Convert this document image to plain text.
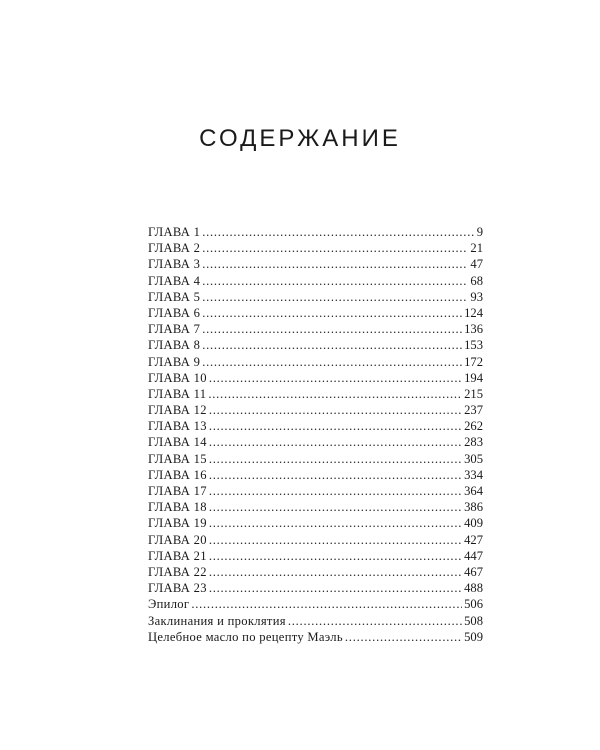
СОДЕРЖАНИЕ
ГЛАВА 1 . . .	9
ГЛАВА 2 . . .	21
ГЛАВА 3 . . .	47
ГЛАВА 4 . . .	68
ГЛАВА 5 . . .	93
ГЛАВА 6 . . .	124
ГЛАВА 7 . . .	136
ГЛАВА 8 . . .	153
ГЛАВА 9 . . .	172
ГЛАВА 10 . . .	194
ГЛАВА 11 . . .	215
ГЛАВА 12 . . .	237
ГЛАВА 13 . . .	262
ГЛАВА 14 . . .	283
ГЛАВА 15 . . .	305
ГЛАВА 16 . . .	334
ГЛАВА 17 . . .	364
ГЛАВА 18 . . .	386
ГЛАВА 19 . . .	409
ГЛАВА 20 . . .	427
ГЛАВА 21 . . .	447
ГЛАВА 22 . . .	467
ГЛАВА 23 . . .	488
Эпилог . . .	506
Заклинания и проклятия . . .	508
Целебное масло по рецепту Маэль . . .	509
